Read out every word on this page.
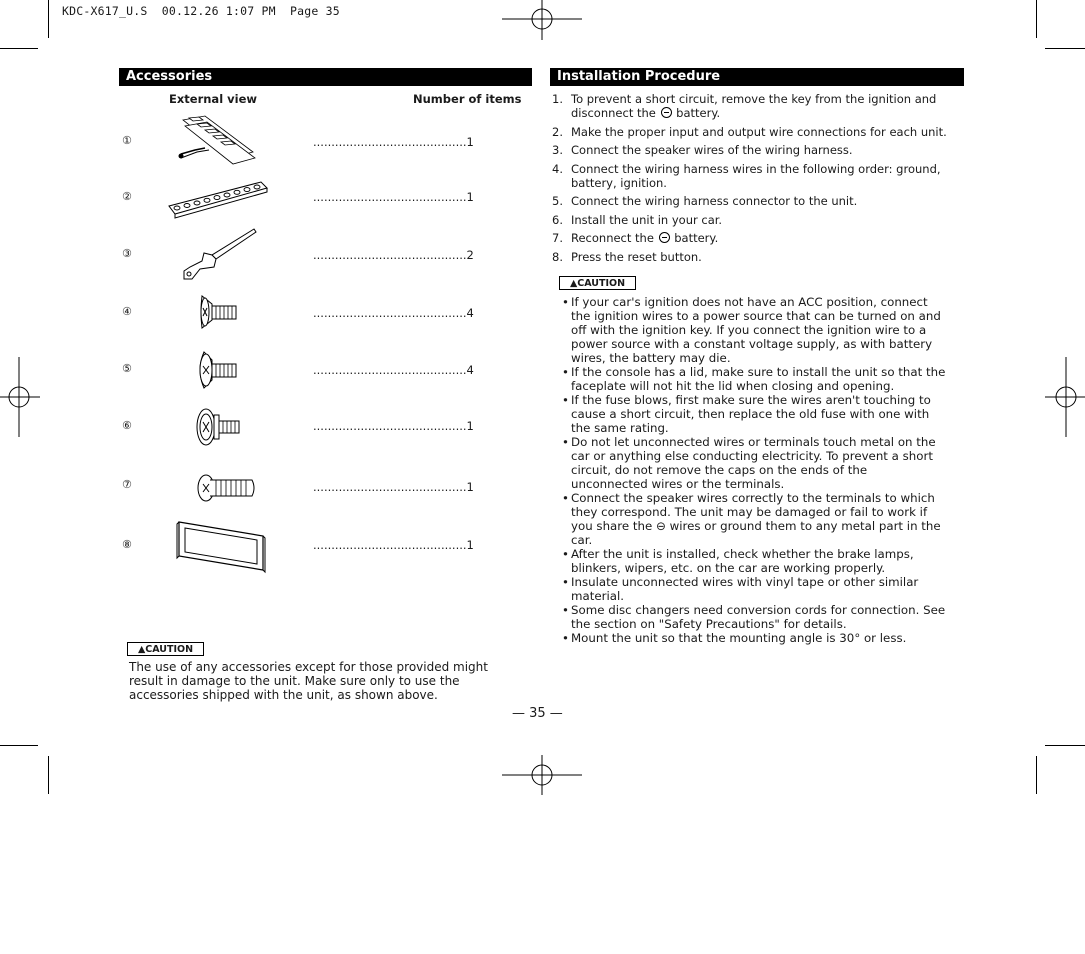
KDC-X617_U.S  00.12.26 1:07 PM  Page 35
Accessories
External view	Number of items
①	..........................................1
②	..........................................1
③	..........................................2
④	..........................................4
⑤	..........................................4
⑥	..........................................1
⑦	..........................................1
⑧	..........................................1
▲CAUTION
The use of any accessories except for those provided might
result in damage to the unit. Make sure only to use the
accessories shipped with the unit, as shown above.
Installation Procedure
1. To prevent a short circuit, remove the key from the ignition and disconnect the  battery.
2. Make the proper input and output wire connections for each unit.
3. Connect the speaker wires of the wiring harness.
4. Connect the wiring harness wires in the following order: ground, battery, ignition.
5. Connect the wiring harness connector to the unit.
6. Install the unit in your car.
7. Reconnect the  battery.
8. Press the reset button.
▲CAUTION
• If your car's ignition does not have an ACC position, connect
the ignition wires to a power source that can be turned on and
off with the ignition key. If you connect the ignition wire to a
power source with a constant voltage supply, as with battery
wires, the battery may die.
• If the console has a lid, make sure to install the unit so that the
faceplate will not hit the lid when closing and opening.
• If the fuse blows, first make sure the wires aren't touching to
cause a short circuit, then replace the old fuse with one with
the same rating.
• Do not let unconnected wires or terminals touch metal on the
car or anything else conducting electricity. To prevent a short
circuit, do not remove the caps on the ends of the
unconnected wires or the terminals.
• Connect the speaker wires correctly to the terminals to which
they correspond. The unit may be damaged or fail to work if
you share the ⊖ wires or ground them to any metal part in the
car.
• After the unit is installed, check whether the brake lamps,
blinkers, wipers, etc. on the car are working properly.
• Insulate unconnected wires with vinyl tape or other similar
material.
• Some disc changers need conversion cords for connection. See
the section on "Safety Precautions" for details.
• Mount the unit so that the mounting angle is 30° or less.
— 35 —
